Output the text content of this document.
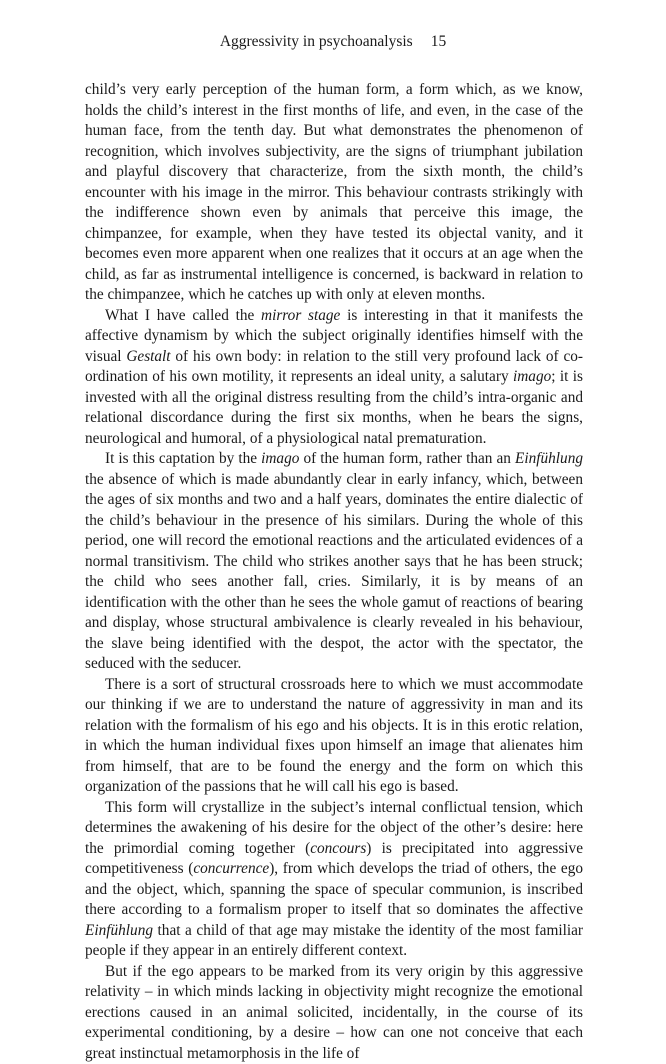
Aggressivity in psychoanalysis 15

child’s very early perception of the human form, a form which, as we know, holds the child’s interest in the first months of life, and even, in the case of the human face, from the tenth day. But what demonstrates the phenomenon of recognition, which involves subjectivity, are the signs of triumphant jubilation and playful discovery that characterize, from the sixth month, the child’s encounter with his image in the mirror. This behaviour contrasts strikingly with the indifference shown even by animals that perceive this image, the chimpanzee, for example, when they have tested its objectal vanity, and it becomes even more apparent when one realizes that it occurs at an age when the child, as far as instrumental intelligence is concerned, is backward in relation to the chimpanzee, which he catches up with only at eleven months.

What I have called the mirror stage is interesting in that it manifests the affective dynamism by which the subject originally identifies himself with the visual Gestalt of his own body: in relation to the still very profound lack of co-ordination of his own motility, it represents an ideal unity, a salutary imago; it is invested with all the original distress resulting from the child’s intra-organic and relational discordance during the first six months, when he bears the signs, neurological and humoral, of a physiological natal prematuration.

It is this captation by the imago of the human form, rather than an Einfühlung the absence of which is made abundantly clear in early infancy, which, between the ages of six months and two and a half years, dominates the entire dialectic of the child’s behaviour in the presence of his similars. During the whole of this period, one will record the emotional reactions and the articulated evidences of a normal transitivism. The child who strikes another says that he has been struck; the child who sees another fall, cries. Similarly, it is by means of an identification with the other than he sees the whole gamut of reactions of bearing and display, whose structural ambivalence is clearly revealed in his behaviour, the slave being identified with the despot, the actor with the spectator, the seduced with the seducer.

There is a sort of structural crossroads here to which we must accommodate our thinking if we are to understand the nature of aggressivity in man and its relation with the formalism of his ego and his objects. It is in this erotic relation, in which the human individual fixes upon himself an image that alienates him from himself, that are to be found the energy and the form on which this organization of the passions that he will call his ego is based.

This form will crystallize in the subject’s internal conflictual tension, which determines the awakening of his desire for the object of the other’s desire: here the primordial coming together (concours) is precipitated into aggressive competitiveness (concurrence), from which develops the triad of others, the ego and the object, which, spanning the space of specular communion, is inscribed there according to a formalism proper to itself that so dominates the affective Einfühlung that a child of that age may mistake the identity of the most familiar people if they appear in an entirely different context.

But if the ego appears to be marked from its very origin by this aggressive relativity – in which minds lacking in objectivity might recognize the emotional erections caused in an animal solicited, incidentally, in the course of its experimental conditioning, by a desire – how can one not conceive that each great instinctual metamorphosis in the life of
